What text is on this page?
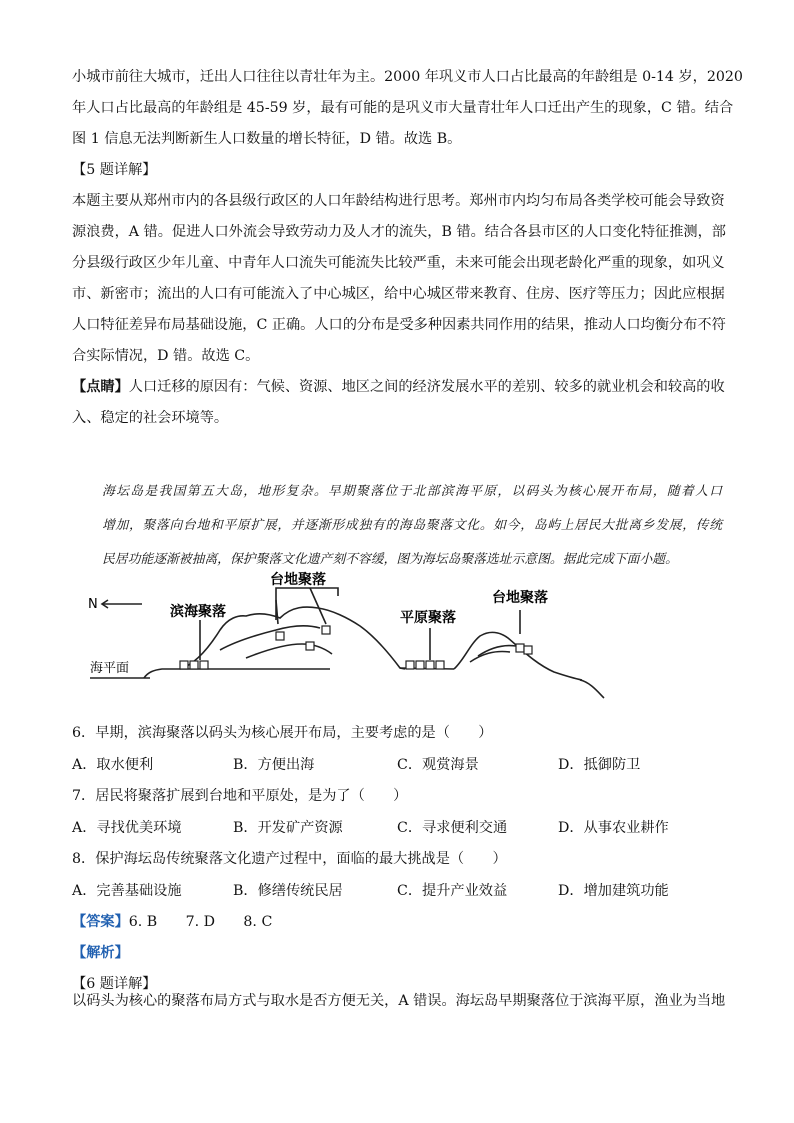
小城市前往大城市，迁出人口往往以青壮年为主。2000 年巩义市人口占比最高的年龄组是 0-14 岁，2020

年人口占比最高的年龄组是 45-59 岁，最有可能的是巩义市大量青壮年人口迁出产生的现象，C 错。结合

图 1 信息无法判断新生人口数量的增长特征，D 错。故选 B。

【5 题详解】

本题主要从郑州市内的各县级行政区的人口年龄结构进行思考。郑州市内均匀布局各类学校可能会导致资

源浪费，A 错。促进人口外流会导致劳动力及人才的流失，B 错。结合各县市区的人口变化特征推测，部

分县级行政区少年儿童、中青年人口流失可能流失比较严重，未来可能会出现老龄化严重的现象，如巩义

市、新密市；流出的人口有可能流入了中心城区，给中心城区带来教育、住房、医疗等压力；因此应根据

人口特征差异布局基础设施，C 正确。人口的分布是受多种因素共同作用的结果，推动人口均衡分布不符

合实际情况，D 错。故选 C。

【点睛】人口迁移的原因有：气候、资源、地区之间的经济发展水平的差别、较多的就业机会和较高的收

入、稳定的社会环境等。

海坛岛是我国第五大岛，地形复杂。早期聚落位于北部滨海平原，以码头为核心展开布局，随着人口

增加，聚落向台地和平原扩展，并逐渐形成独有的海岛聚落文化。如今，岛屿上居民大批离乡发展，传统

民居功能逐渐被抽离，保护聚落文化遗产刻不容缓，图为海坛岛聚落选址示意图。据此完成下面小题。

N
海平面
滨海聚落
台地聚落
平原聚落
台地聚落

6．早期，滨海聚落以码头为核心展开布局，主要考虑的是（　　）

A．取水便利	B．方便出海	C．观赏海景	D．抵御防卫

7．居民将聚落扩展到台地和平原处，是为了（　　）

A．寻找优美环境	B．开发矿产资源	C．寻求便利交通	D．从事农业耕作

8．保护海坛岛传统聚落文化遗产过程中，面临的最大挑战是（　　）

A．完善基础设施	B．修缮传统民居	C．提升产业效益	D．增加建筑功能

【答案】6. B　　7. D　　8. C

【解析】

【6 题详解】

以码头为核心的聚落布局方式与取水是否方便无关，A 错误。海坛岛早期聚落位于滨海平原，渔业为当地
